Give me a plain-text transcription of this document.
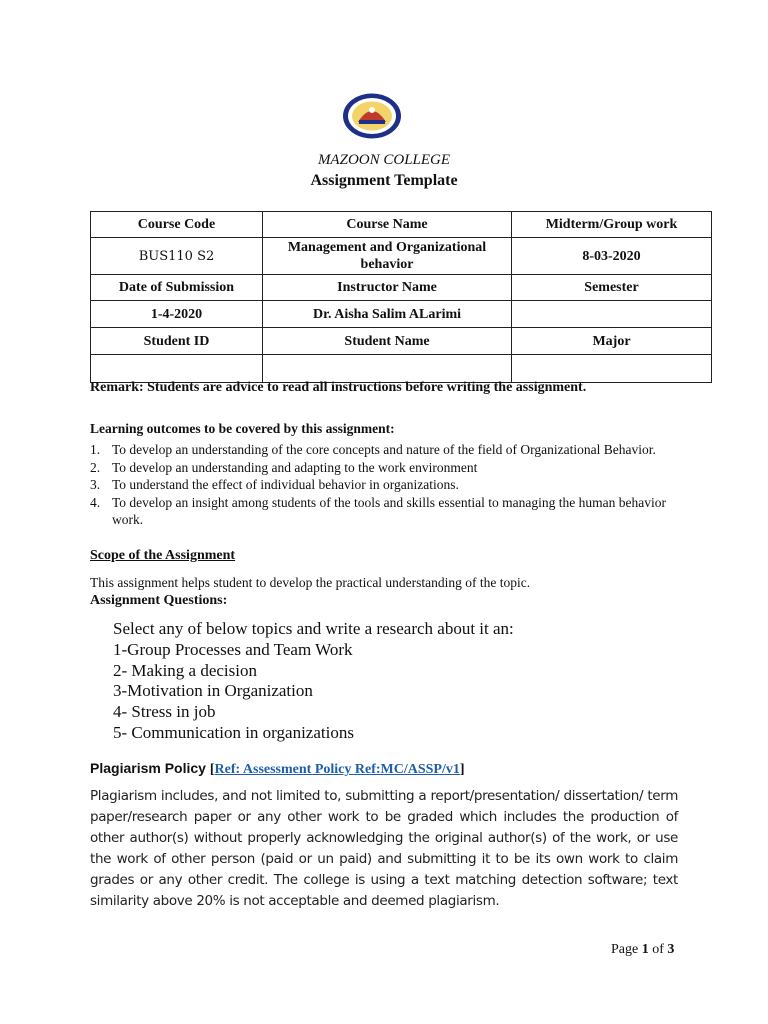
MAZOON COLLEGE
Assignment Template
Course Code	Course Name	Midterm/Group work
BUS110 S2	Management and Organizational behavior	8-03-2020
Date of Submission	Instructor Name	Semester
1-4-2020	Dr. Aisha Salim ALarimi	
Student ID	Student Name	Major

Remark: Students are advice to read all instructions before writing the assignment.
Learning outcomes to be covered by this assignment:
1. To develop an understanding of the core concepts and nature of the field of Organizational Behavior.
2. To develop an understanding and adapting to the work environment
3. To understand the effect of individual behavior in organizations.
4. To develop an insight among students of the tools and skills essential to managing the human behavior work.
Scope of the Assignment
This assignment helps student to develop the practical understanding of the topic.
Assignment Questions:
Select any of below topics and write a research about it an:
1-Group Processes and Team Work
2- Making a decision
3-Motivation in Organization
4- Stress in job
5- Communication in organizations
Plagiarism Policy [Ref: Assessment Policy Ref:MC/ASSP/v1]
Plagiarism includes, and not limited to, submitting a report/presentation/ dissertation/ term paper/research paper or any other work to be graded which includes the production of other author(s) without properly acknowledging the original author(s) of the work, or use the work of other person (paid or un paid) and submitting it to be its own work to claim grades or any other credit. The college is using a text matching detection software; text similarity above 20% is not acceptable and deemed plagiarism.
Page 1 of 3
